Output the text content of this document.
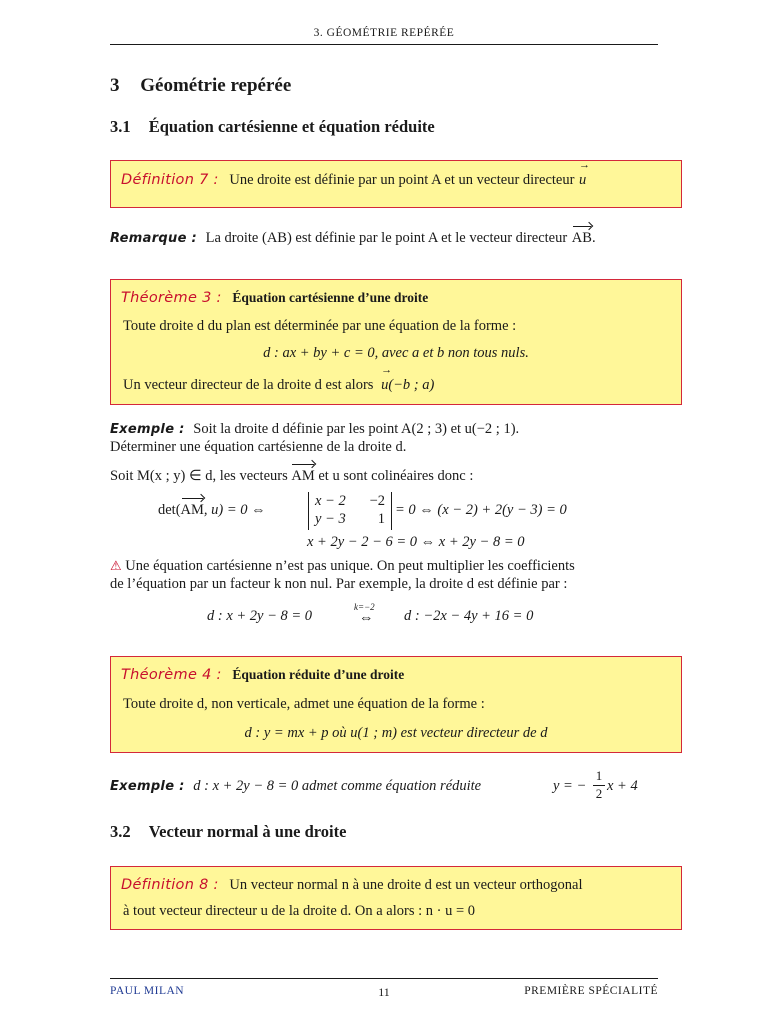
3. GÉOMÉTRIE REPÉRÉE
3 Géométrie repérée
3.1 Équation cartésienne et équation réduite
Définition 7 : Une droite est définie par un point A et un vecteur directeur → u
Remarque : La droite (AB) est définie par le point A et le vecteur directeur AB.
Théorème 3 : Équation cartésienne d’une droite
Toute droite d du plan est déterminée par une équation de la forme :
d : ax + by + c = 0, avec a et b non tous nuls.
Un vecteur directeur de la droite d est alors → u(−b ; a)
Exemple : Soit la droite d définie par les point A(2 ; 3) et u(−2 ; 1).
Déterminer une équation cartésienne de la droite d.
Soit M(x ; y) ∈ d, les vecteurs AM et u sont colinéaires donc :
det(AM, u) = 0 ⇔
x − 2 −2
y − 3 1
= 0 ⇔ (x − 2) + 2(y − 3) = 0
x + 2y − 2 − 6 = 0 ⇔ x + 2y − 8 = 0
⚠ Une équation cartésienne n’est pas unique. On peut multiplier les coefficients
de l’équation par un facteur k non nul. Par exemple, la droite d est définie par :
d : x + 2y − 8 = 0	⇔
k=−2
d : −2x − 4y + 16 = 0
Théorème 4 : Équation réduite d’une droite
Toute droite d, non verticale, admet une équation de la forme :
d : y = mx + p où u(1 ; m) est vecteur directeur de d
Exemple : d : x + 2y − 8 = 0 admet comme équation réduite	y = − $\frac{1}{2}$ x + 4
3.2 Vecteur normal à une droite
Définition 8 : Un vecteur normal n à une droite d est un vecteur orthogonal
à tout vecteur directeur u de la droite d. On a alors : n · u = 0
PAUL MILAN	11	PREMIÈRE SPÉCIALITÉ
